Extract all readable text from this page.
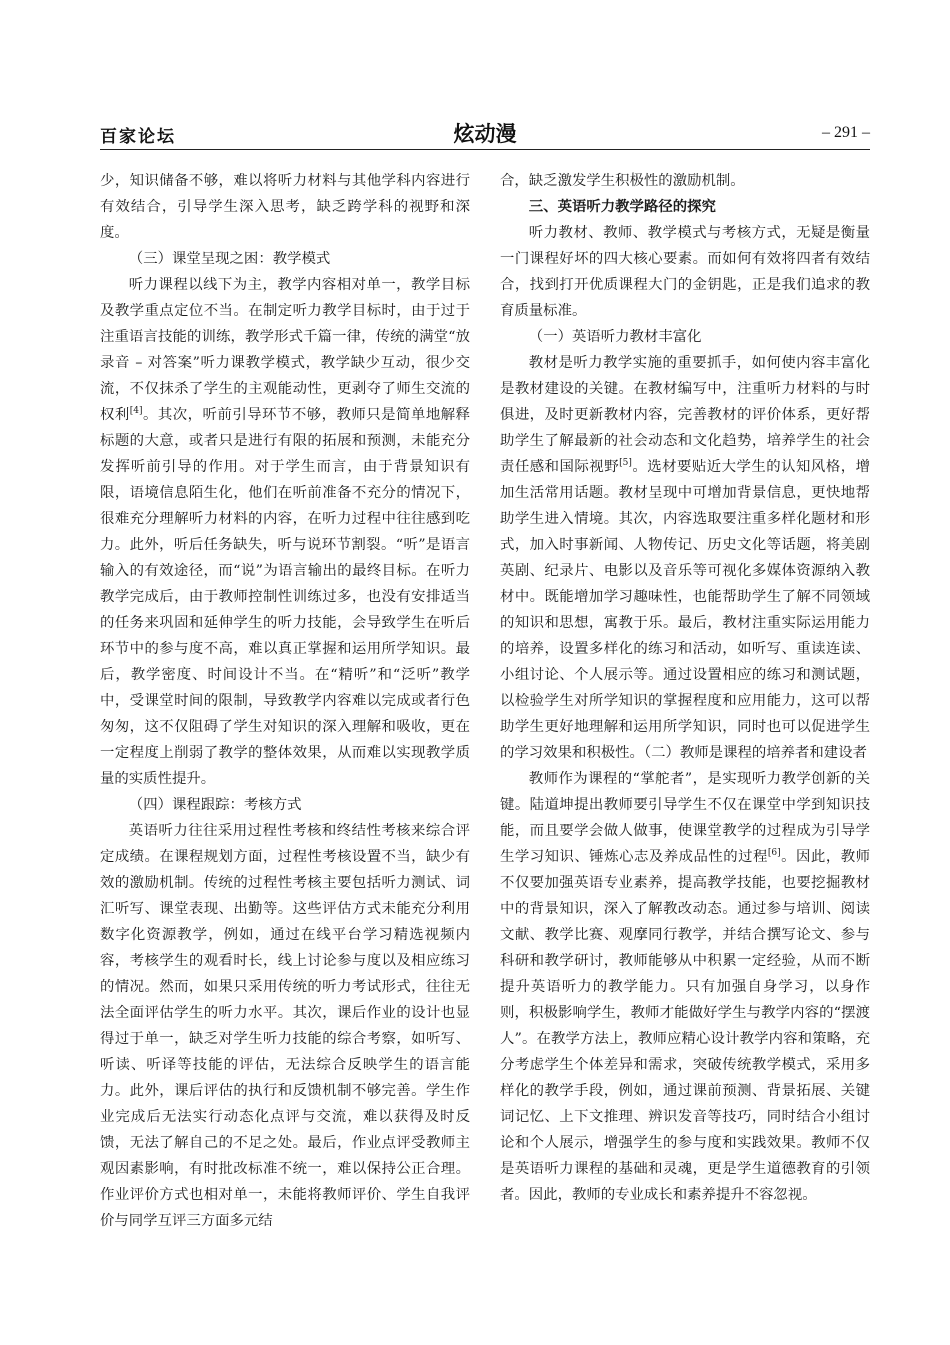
百家论坛	炫动漫	– 291 –

少，知识储备不够，难以将听力材料与其他学科内容进行有效结合，引导学生深入思考，缺乏跨学科的视野和深度。

（三）课堂呈现之困：教学模式

听力课程以线下为主，教学内容相对单一，教学目标及教学重点定位不当。在制定听力教学目标时，由于过于注重语言技能的训练，教学形式千篇一律，传统的满堂“放录音 – 对答案”听力课教学模式，教学缺少互动，很少交流，不仅抹杀了学生的主观能动性，更剥夺了师生交流的权利[4]。其次，听前引导环节不够，教师只是简单地解释标题的大意，或者只是进行有限的拓展和预测，未能充分发挥听前引导的作用。对于学生而言，由于背景知识有限，语境信息陌生化，他们在听前准备不充分的情况下，很难充分理解听力材料的内容，在听力过程中往往感到吃力。此外，听后任务缺失，听与说环节割裂。“听”是语言输入的有效途径，而“说”为语言输出的最终目标。在听力教学完成后，由于教师控制性训练过多，也没有安排适当的任务来巩固和延伸学生的听力技能，会导致学生在听后环节中的参与度不高，难以真正掌握和运用所学知识。最后，教学密度、时间设计不当。在“精听”和“泛听”教学中，受课堂时间的限制，导致教学内容难以完成或者行色匆匆，这不仅阻碍了学生对知识的深入理解和吸收，更在一定程度上削弱了教学的整体效果，从而难以实现教学质量的实质性提升。

（四）课程跟踪：考核方式

英语听力往往采用过程性考核和终结性考核来综合评定成绩。在课程规划方面，过程性考核设置不当，缺少有效的激励机制。传统的过程性考核主要包括听力测试、词汇听写、课堂表现、出勤等。这些评估方式未能充分利用数字化资源教学，例如，通过在线平台学习精选视频内容，考核学生的观看时长，线上讨论参与度以及相应练习的情况。然而，如果只采用传统的听力考试形式，往往无法全面评估学生的听力水平。其次，课后作业的设计也显得过于单一，缺乏对学生听力技能的综合考察，如听写、听读、听译等技能的评估，无法综合反映学生的语言能力。此外，课后评估的执行和反馈机制不够完善。学生作业完成后无法实行动态化点评与交流，难以获得及时反馈，无法了解自己的不足之处。最后，作业点评受教师主观因素影响，有时批改标准不统一，难以保持公正合理。作业评价方式也相对单一，未能将教师评价、学生自我评价与同学互评三方面多元结

合，缺乏激发学生积极性的激励机制。

三、英语听力教学路径的探究

听力教材、教师、教学模式与考核方式，无疑是衡量一门课程好坏的四大核心要素。而如何有效将四者有效结合，找到打开优质课程大门的金钥匙，正是我们追求的教育质量标准。

（一）英语听力教材丰富化

教材是听力教学实施的重要抓手，如何使内容丰富化是教材建设的关键。在教材编写中，注重听力材料的与时俱进，及时更新教材内容，完善教材的评价体系，更好帮助学生了解最新的社会动态和文化趋势，培养学生的社会责任感和国际视野[5]。选材要贴近大学生的认知风格，增加生活常用话题。教材呈现中可增加背景信息，更快地帮助学生进入情境。其次，内容选取要注重多样化题材和形式，加入时事新闻、人物传记、历史文化等话题，将美剧英剧、纪录片、电影以及音乐等可视化多媒体资源纳入教材中。既能增加学习趣味性，也能帮助学生了解不同领域的知识和思想，寓教于乐。最后，教材注重实际运用能力的培养，设置多样化的练习和活动，如听写、重读连读、小组讨论、个人展示等。通过设置相应的练习和测试题，以检验学生对所学知识的掌握程度和应用能力，这可以帮助学生更好地理解和运用所学知识，同时也可以促进学生的学习效果和积极性。（二）教师是课程的培养者和建设者

教师作为课程的“掌舵者”，是实现听力教学创新的关键。陆道坤提出教师要引导学生不仅在课堂中学到知识技能，而且要学会做人做事，使课堂教学的过程成为引导学生学习知识、锤炼心志及养成品性的过程[6]。因此，教师不仅要加强英语专业素养，提高教学技能，也要挖掘教材中的背景知识，深入了解教改动态。通过参与培训、阅读文献、教学比赛、观摩同行教学，并结合撰写论文、参与科研和教学研讨，教师能够从中积累一定经验，从而不断提升英语听力的教学能力。只有加强自身学习，以身作则，积极影响学生，教师才能做好学生与教学内容的“摆渡人”。在教学方法上，教师应精心设计教学内容和策略，充分考虑学生个体差异和需求，突破传统教学模式，采用多样化的教学手段，例如，通过课前预测、背景拓展、关键词记忆、上下文推理、辨识发音等技巧，同时结合小组讨论和个人展示，增强学生的参与度和实践效果。教师不仅是英语听力课程的基础和灵魂，更是学生道德教育的引领者。因此，教师的专业成长和素养提升不容忽视。
